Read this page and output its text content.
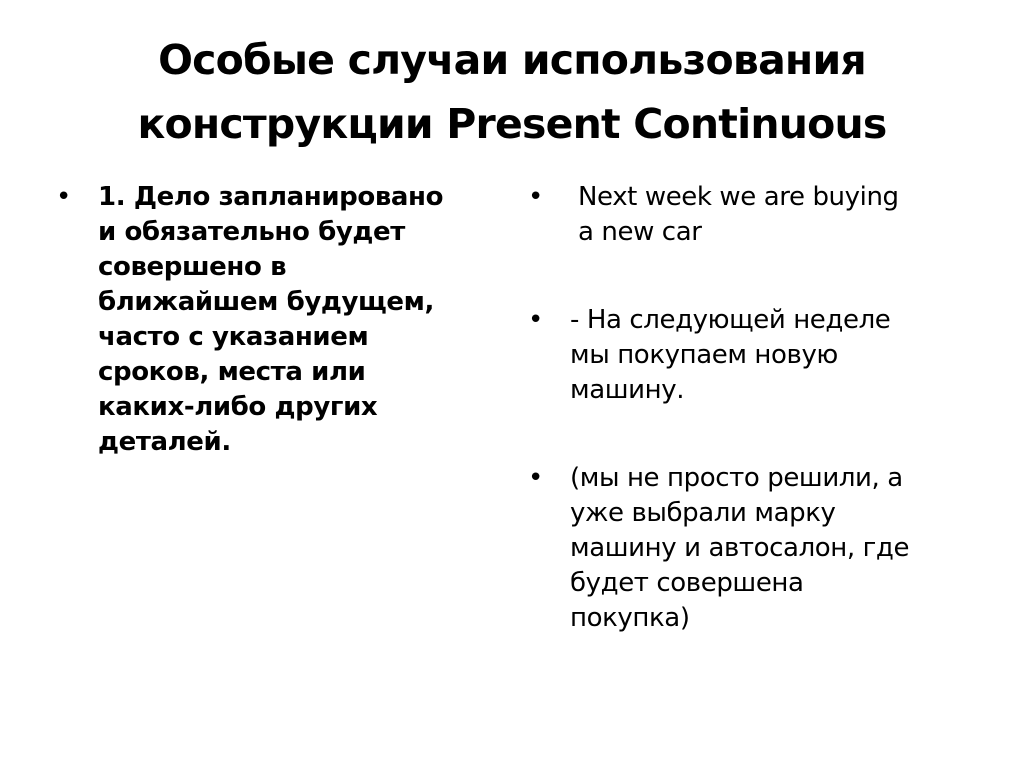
Особые случаи использования
конструкции Present Continuous
•	1. Дело запланировано
и обязательно будет
совершено в
ближайшем будущем,
часто с указанием
сроков, места или
каких-либо других
деталей.
•	Next week we are buying
a new car
•	- На следующей неделе
мы покупаем новую
машину.
•	(мы не просто решили, а
уже выбрали марку
машину и автосалон, где
будет совершена
покупка)
